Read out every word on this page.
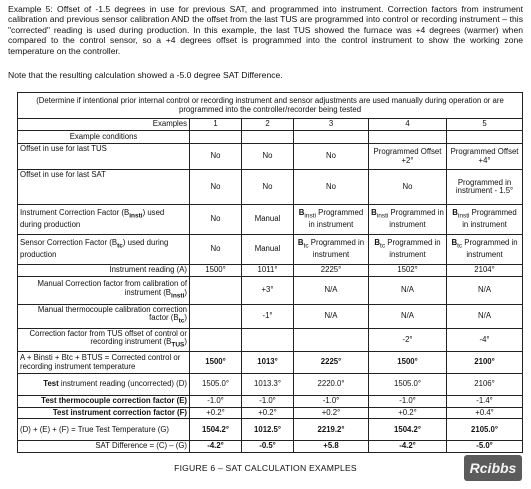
Example 5: Offset of -1.5 degrees in use for previous SAT, and programmed into instrument. Correction factors from instrument calibration and previous sensor calibration AND the offset from the last TUS are programmed into control or recording instrument – this "corrected" reading is used during production. In this example, the last TUS showed the furnace was +4 degrees (warmer) when compared to the control sensor, so a +4 degrees offset is programmed into the control instrument to show the working zone temperature on the controller.

Note that the resulting calculation showed a -5.0 degree SAT Difference.

(Determine if intentional prior internal control or recording instrument and sensor adjustments are used manually during operation or are programmed into the controller/recorder being tested					
Examples	1	2	3	4	5
Example conditions					
Offset in use for last TUS	No	No	No	Programmed Offset +2°	Programmed Offset +4°
Offset in use for last SAT	No	No	No	No	Programmed in instrument - 1.5°
Instrument Correction Factor $(B_{insti})$ used during production	No	Manual	$B_{insti}$ Programmed in instrument	$B_{insti}$ Programmed in instrument	$B_{insti}$ Programmed in instrument
Sensor Correction Factor $(B_{tc})$ used during production	No	Manual	$B_{tc}$ Programmed in instrument	$B_{tc}$ Programmed in instrument	$B_{tc}$ Programmed in instrument
Instrument reading (A)	1500°	1011°	2225°	1502°	2104°
Manual Correction factor from calibration of instrument $(B_{insti})$		+3°	N/A	N/A	N/A
Manual thermocouple calibration correction factor $(B_{tc})$		-1°	N/A	N/A	N/A
Correction factor from TUS offset of control or recording instrument $(B_{TUS})$				-2°	-4°
A + Binsti + Btc + BTUS = Corrected control or recording instrument temperature	1500°	1013°	2225°	1500°	2100°
Test instrument reading (uncorrected) (D)	1505.0°	1013.3°	2220.0°	1505.0°	2106°
Test thermocouple correction factor (E)	-1.0°	-1.0°	-1.0°	-1.0°	-1.4°
Test instrument correction factor (F)	+0.2°	+0.2°	+0.2°	+0.2°	+0.4°
(D) + (E) + (F) = True Test Temperature (G)	1504.2°	1012.5°	2219.2°	1504.2°	2105.0°
SAT Difference = (C) – (G)	-4.2°	-0.5°	+5.8	-4.2°	-5.0°
FIGURE 6 – SAT CALCULATION EXAMPLES	Rcibbs
